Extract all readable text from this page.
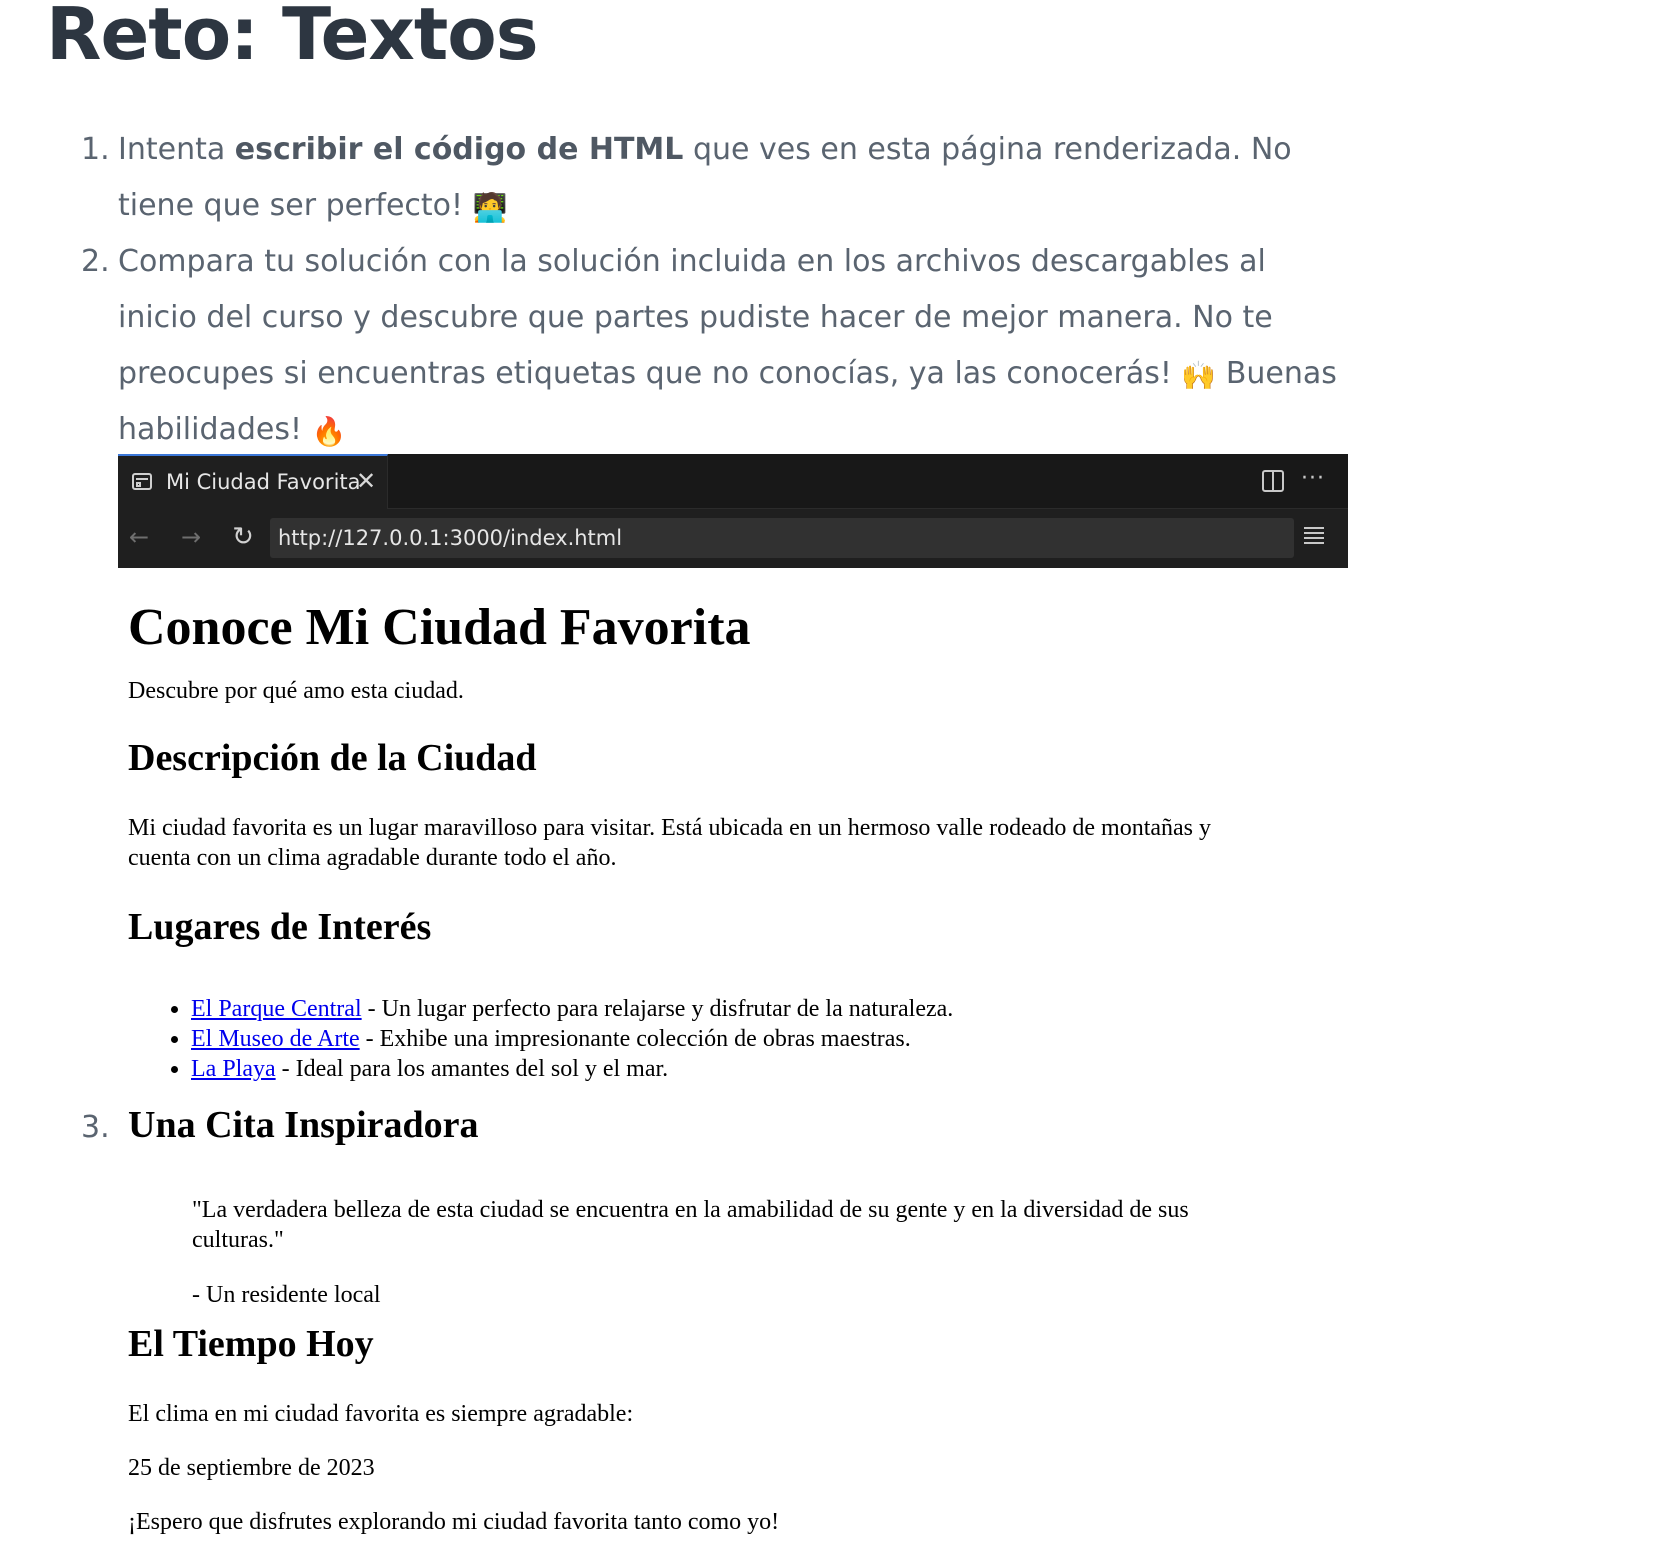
Reto: Textos
1. Intenta escribir el código de HTML que ves en esta página renderizada. No tiene que ser perfecto! 🧑‍💻
2. Compara tu solución con la solución incluida en los archivos descargables al inicio del curso y descubre que partes pudiste hacer de mejor manera. No te preocupes si encuentras etiquetas que no conocías, ya las conocerás! 🙌 Buenas habilidades! 🔥
3.
Mi Ciudad Favorita
✕	···
← → ↻	http://127.0.0.1:3000/index.html
Conoce Mi Ciudad Favorita

Descubre por qué amo esta ciudad.

Descripción de la Ciudad

Mi ciudad favorita es un lugar maravilloso para visitar. Está ubicada en un hermoso valle rodeado de montañas y cuenta con un clima agradable durante todo el año.

Lugares de Interés
• El Parque Central - Un lugar perfecto para relajarse y disfrutar de la naturaleza.
• El Museo de Arte - Exhibe una impresionante colección de obras maestras.
• La Playa - Ideal para los amantes del sol y el mar.
Una Cita Inspiradora

"La verdadera belleza de esta ciudad se encuentra en la amabilidad de su gente y en la diversidad de sus culturas."

- Un residente local

El Tiempo Hoy

El clima en mi ciudad favorita es siempre agradable:

25 de septiembre de 2023

¡Espero que disfrutes explorando mi ciudad favorita tanto como yo!
